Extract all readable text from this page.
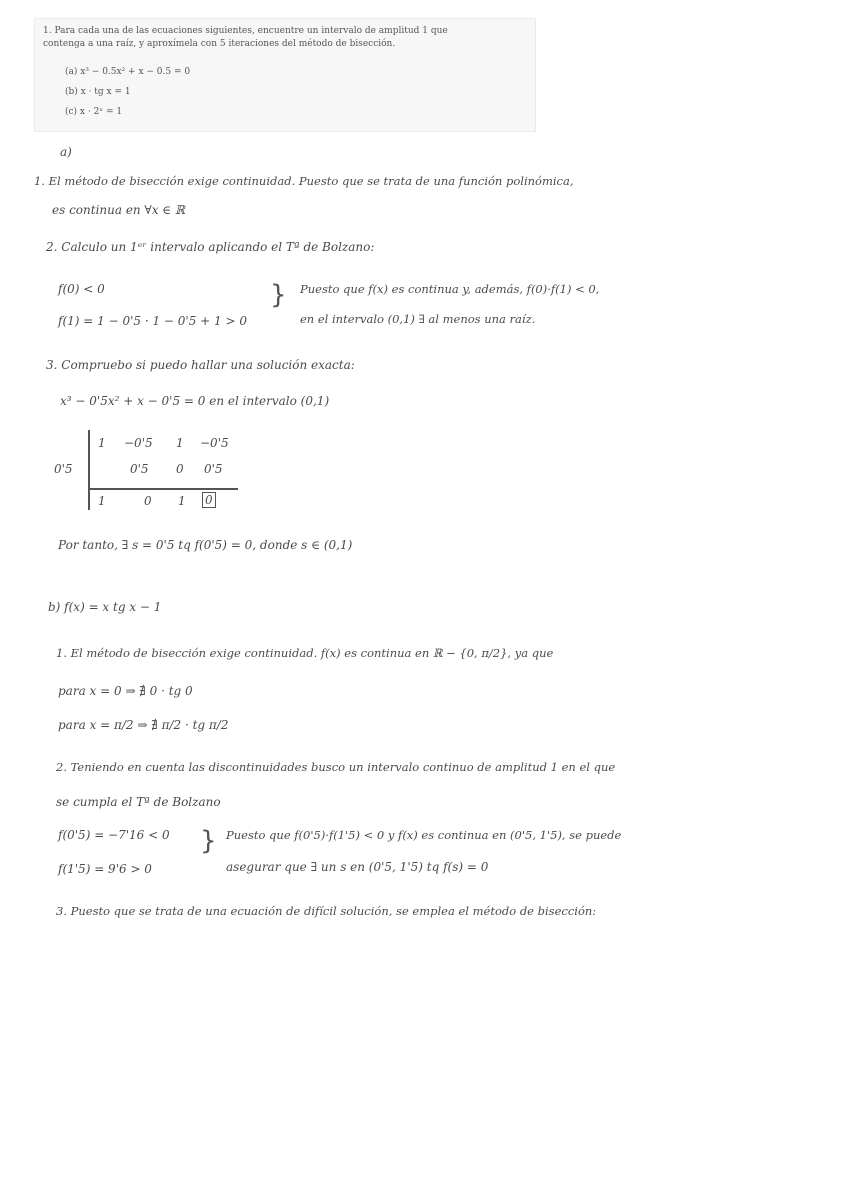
1. Para cada una de las ecuaciones siguientes, encuentre un intervalo de amplitud 1 que
contenga a una raíz, y aproxímela con 5 iteraciones del método de bisección.
(a) x³ − 0.5x² + x − 0.5 = 0
(b) x · tg x = 1
(c) x · 2ˣ = 1
a)
1. El método de bisección exige continuidad. Puesto que se trata de una función polinómica,
es continua en ∀x ∈ ℝ
2. Calculo un 1ᵉʳ intervalo aplicando el Tª de Bolzano:
f(0) < 0
f(1) = 1 − 0'5 · 1 − 0'5 + 1 > 0
} Puesto que f(x) es continua y, además, f(0)·f(1) < 0,
en el intervalo (0,1) ∃ al menos una raíz.
3. Compruebo si puedo hallar una solución exacta:
x³ − 0'5x² + x − 0'5 = 0 en el intervalo (0,1)
0'5
1 −0'5 1 −0'5
0'5 0 0'5
1	0 1 0
Por tanto, ∃ s = 0'5 tq f(0'5) = 0, donde s ∈ (0,1)
b) f(x) = x tg x − 1
1. El método de bisección exige continuidad. f(x) es continua en ℝ − {0, π/2}, ya que
para x = 0 ⇒ ∄ 0 · tg 0
para x = π/2 ⇒ ∄ π/2 · tg π/2
2. Teniendo en cuenta las discontinuidades busco un intervalo continuo de amplitud 1 en el que
se cumpla el Tª de Bolzano
f(0'5) = −7'16 < 0
f(1'5) = 9'6 > 0
} Puesto que f(0'5)·f(1'5) < 0 y f(x) es continua en (0'5, 1'5), se puede
asegurar que ∃ un s en (0'5, 1'5) tq f(s) = 0
3. Puesto que se trata de una ecuación de difícil solución, se emplea el método de bisección:
